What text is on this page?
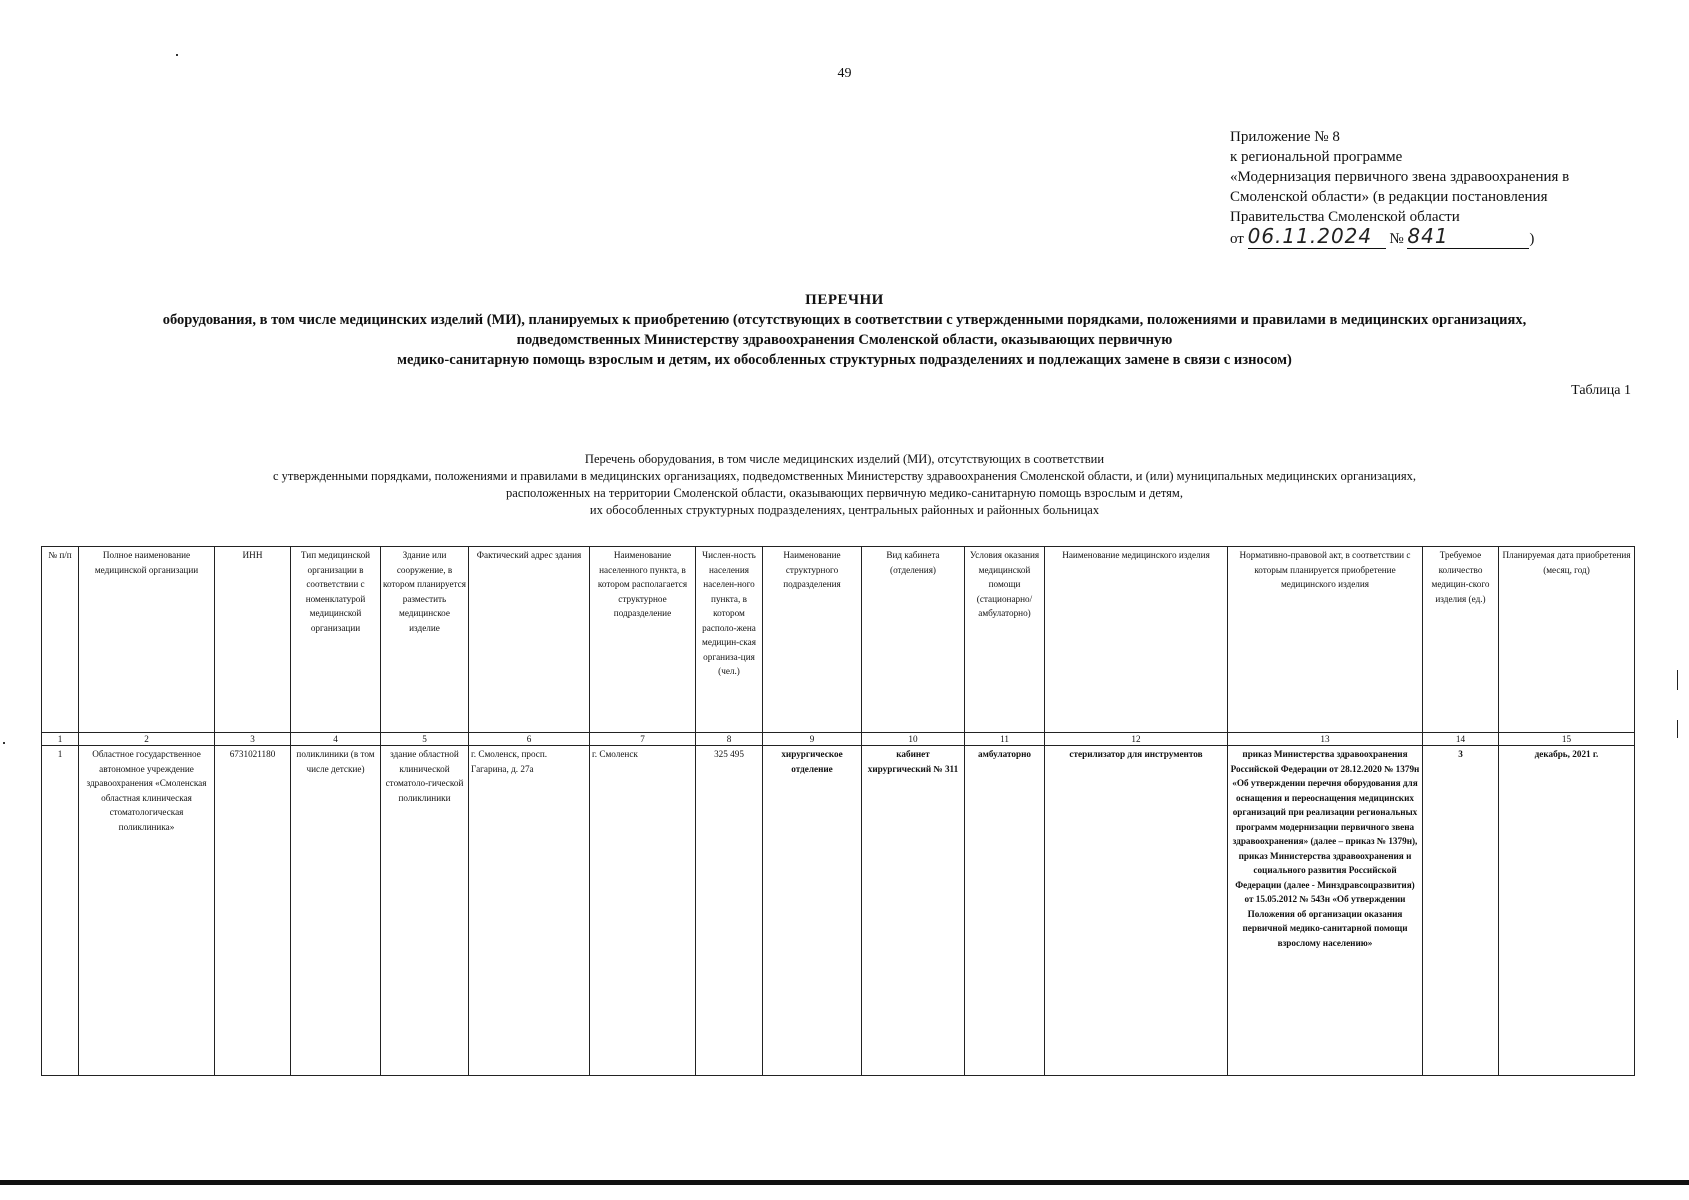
49
Приложение № 8
к региональной программе
«Модернизация первичного звена здравоохранения в
Смоленской области» (в редакции постановления
Правительства Смоленской области
от 06.11.2024 № 841	)
ПЕРЕЧНИ
оборудования, в том числе медицинских изделий (МИ), планируемых к приобретению (отсутствующих в соответствии с утвержденными порядками, положениями и правилами в медицинских организациях,
подведомственных Министерству здравоохранения Смоленской области, оказывающих первичную
медико-санитарную помощь взрослым и детям, их обособленных структурных подразделениях и подлежащих замене в связи с износом)
Таблица 1
Перечень оборудования, в том числе медицинских изделий (МИ), отсутствующих в соответствии
с утвержденными порядками, положениями и правилами в медицинских организациях, подведомственных Министерству здравоохранения Смоленской области, и (или) муниципальных медицинских организациях,
расположенных на территории Смоленской области, оказывающих первичную медико-санитарную помощь взрослым и детям,
их обособленных структурных подразделениях, центральных районных и районных больницах
№ п/п	Полное наименование медицинской организации	ИНН	Тип медицинской организации в соответствии с номенклатурой медицинской организации	Здание или сооружение, в котором планируется разместить медицинское изделие	Фактический адрес здания	Наименование населенного пункта, в котором располагается структурное подразделение	Числен-ность населения населен-ного пункта, в котором располо-жена медицин-ская организа-ция (чел.)	Наименование структурного подразделения	Вид кабинета (отделения)	Условия оказания медицинской помощи (стационарно/ амбулаторно)	Наименование медицинского изделия	Нормативно-правовой акт, в соответствии с которым планируется приобретение медицинского изделия	Требуемое количество медицин-ского изделия (ед.)	Планируемая дата приобретения (месяц, год)
1	2	3	4	5	6	7	8	9	10	11	12	13	14	15
1	Областное государственное автономное учреждение здравоохранения «Смоленская областная клиническая стоматологическая поликлиника»	6731021180	поликлиники (в том числе детские)	здание областной клинической стоматоло-гической поликлиники	г. Смоленск, просп. Гагарина, д. 27а	г. Смоленск	325 495	хирургическое отделение	кабинет хирургический № 311	амбулаторно	стерилизатор для инструментов	приказ Министерства здравоохранения Российской Федерации от 28.12.2020 № 1379н «Об утверждении перечня оборудования для оснащения и переоснащения медицинских организаций при реализации региональных программ модернизации первичного звена здравоохранения» (далее – приказ № 1379н), приказ Министерства здравоохранения и социального развития Российской Федерации (далее - Минздравсоцразвития) от 15.05.2012 № 543н «Об утверждении Положения об организации оказания первичной медико-санитарной помощи взрослому населению»	3	декабрь, 2021 г.
